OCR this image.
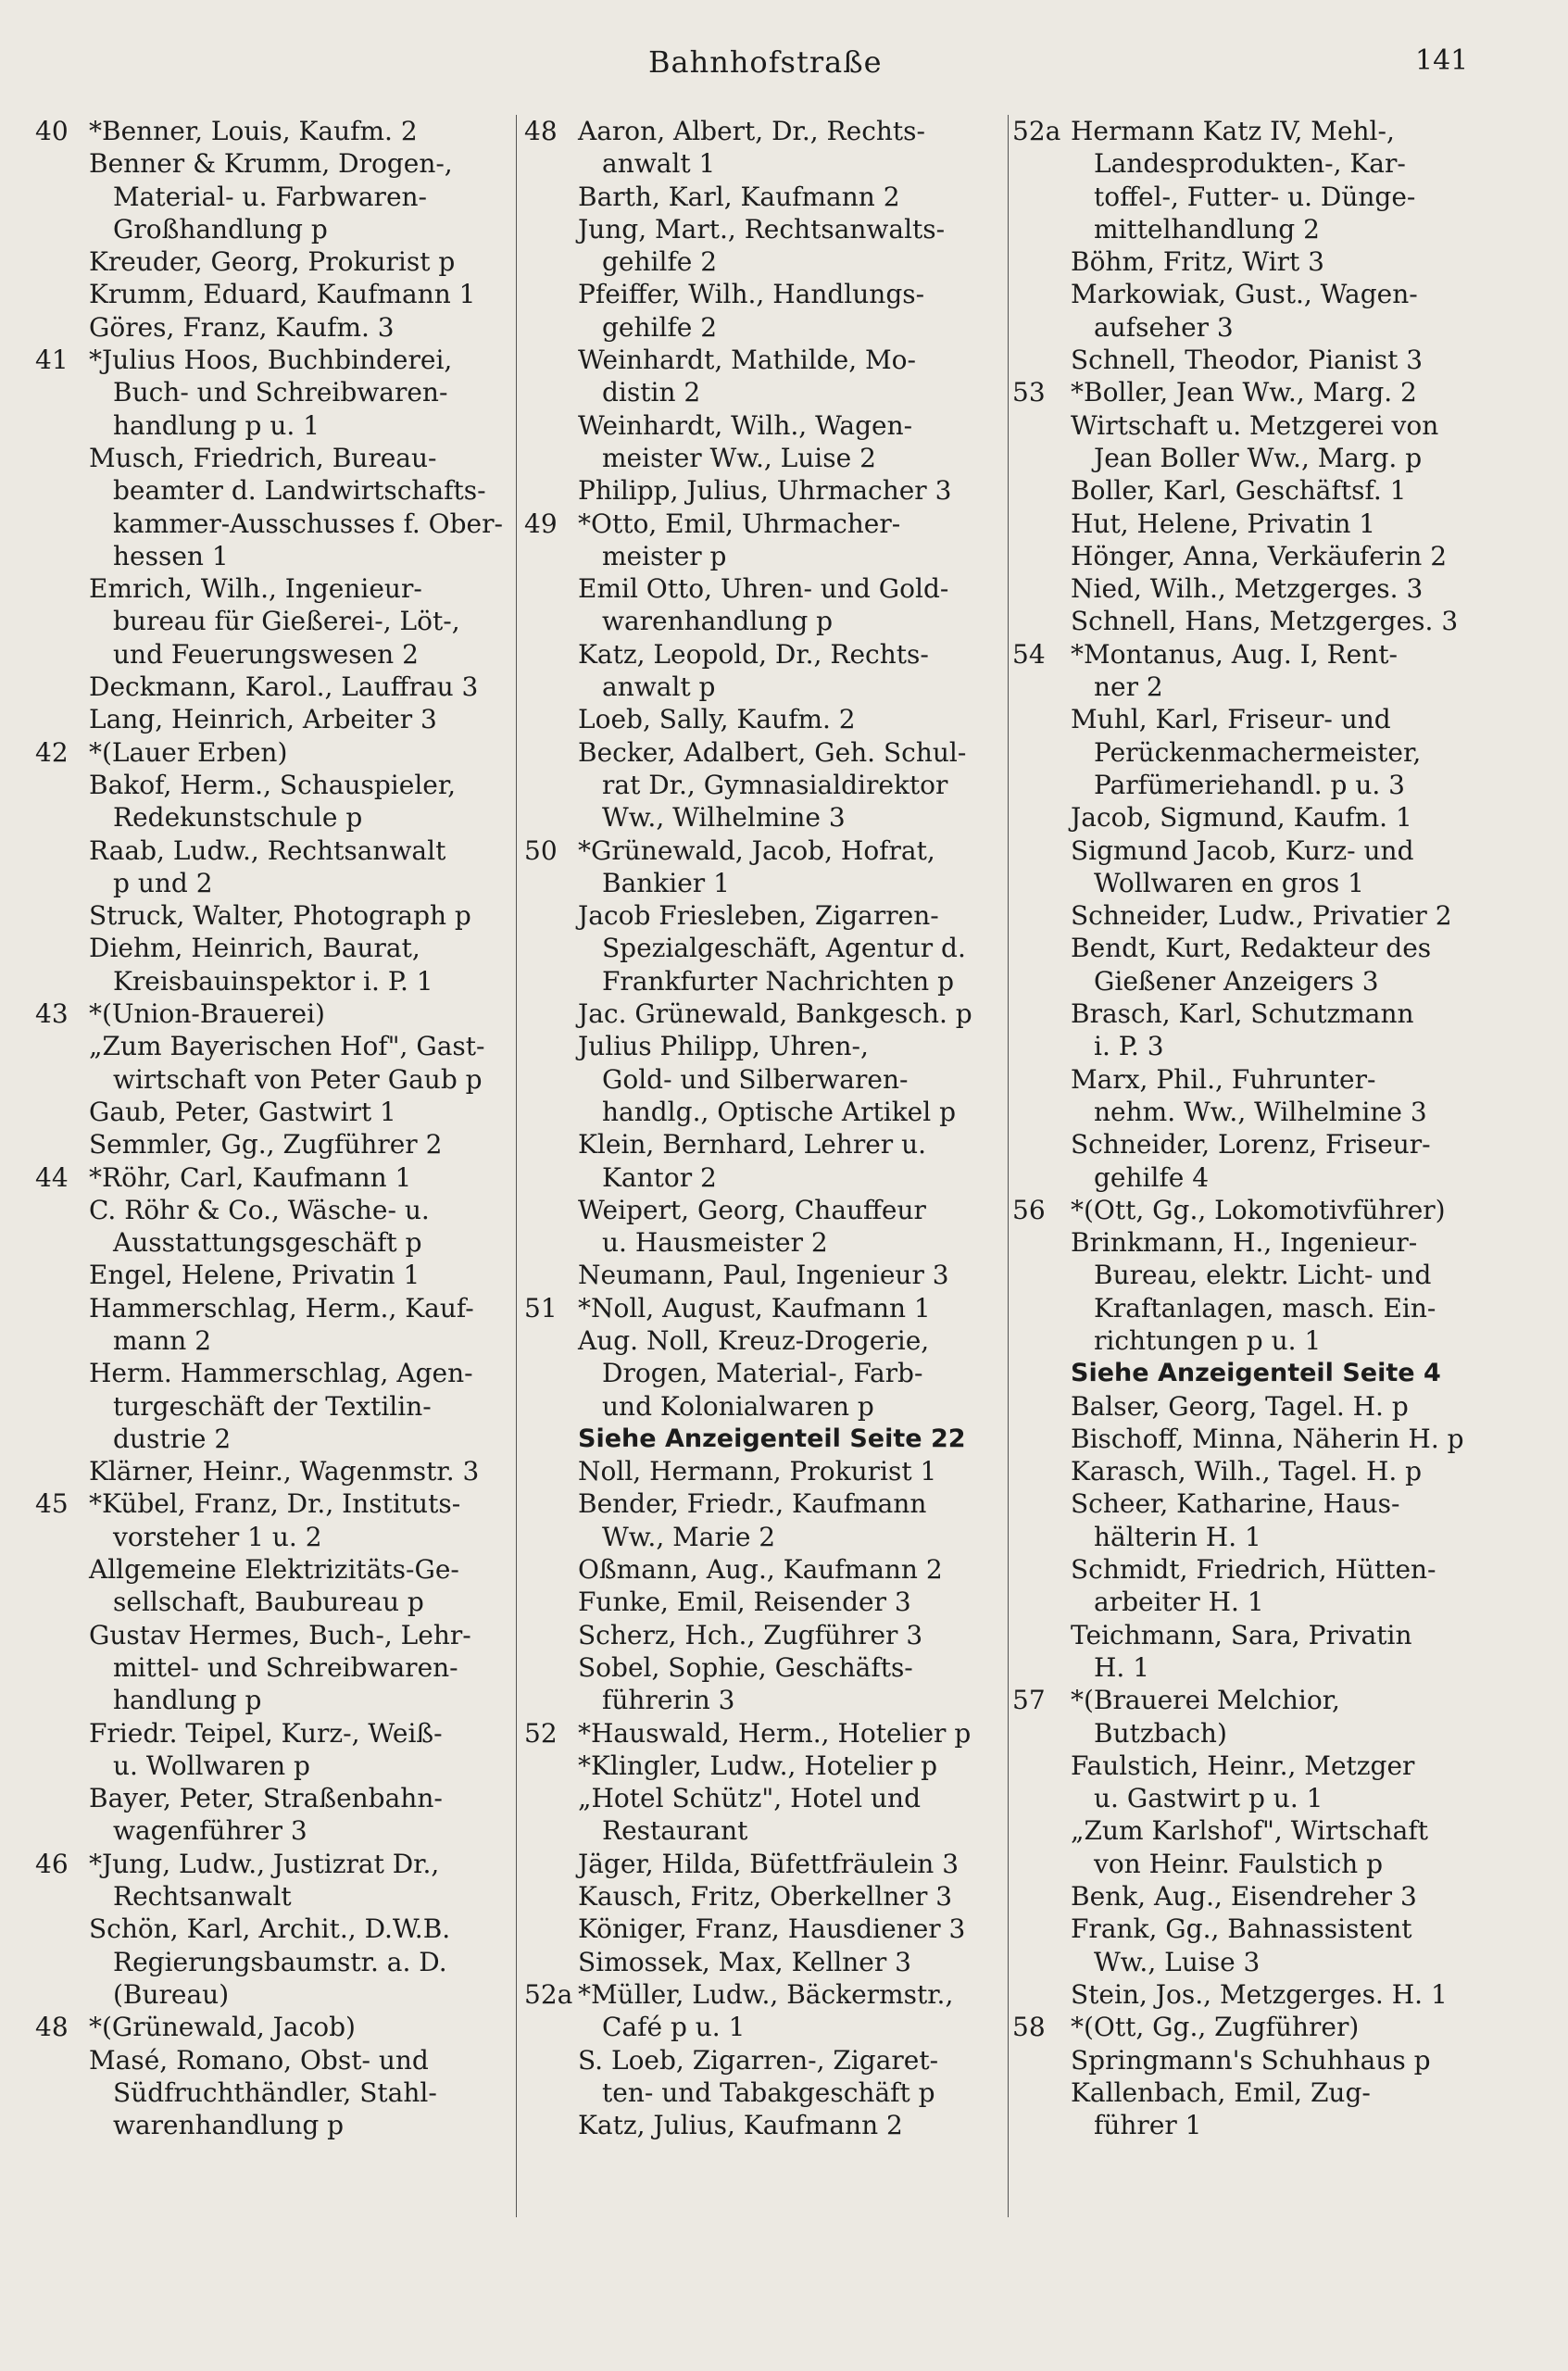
Bahnhofstraße	141
40 *Benner, Louis, Kaufm. 2
Benner & Krumm, Drogen-,
Material- u. Farbwaren-
Großhandlung p
Kreuder, Georg, Prokurist p
Krumm, Eduard, Kaufmann 1
Göres, Franz, Kaufm. 3
41 *Julius Hoos, Buchbinderei,
Buch- und Schreibwaren-
handlung p u. 1
Musch, Friedrich, Bureau-
beamter d. Landwirtschafts-
kammer-Ausschusses f. Ober-
hessen 1
Emrich, Wilh., Ingenieur-
bureau für Gießerei-, Löt-,
und Feuerungswesen 2
Deckmann, Karol., Lauffrau 3
Lang, Heinrich, Arbeiter 3
42 *(Lauer Erben)
Bakof, Herm., Schauspieler,
Redekunstschule p
Raab, Ludw., Rechtsanwalt
p und 2
Struck, Walter, Photograph p
Diehm, Heinrich, Baurat,
Kreisbauinspektor i. P. 1
43 *(Union-Brauerei)
„Zum Bayerischen Hof", Gast-
wirtschaft von Peter Gaub p
Gaub, Peter, Gastwirt 1
Semmler, Gg., Zugführer 2
44 *Röhr, Carl, Kaufmann 1
C. Röhr & Co., Wäsche- u.
Ausstattungsgeschäft p
Engel, Helene, Privatin 1
Hammerschlag, Herm., Kauf-
mann 2
Herm. Hammerschlag, Agen-
turgeschäft der Textilin-
dustrie 2
Klärner, Heinr., Wagenmstr. 3
45 *Kübel, Franz, Dr., Instituts-
vorsteher 1 u. 2
Allgemeine Elektrizitäts-Ge-
sellschaft, Baubureau p
Gustav Hermes, Buch-, Lehr-
mittel- und Schreibwaren-
handlung p
Friedr. Teipel, Kurz-, Weiß-
u. Wollwaren p
Bayer, Peter, Straßenbahn-
wagenführer 3
46 *Jung, Ludw., Justizrat Dr.,
Rechtsanwalt
Schön, Karl, Archit., D.W.B.
Regierungsbaumstr. a. D.
(Bureau)
48 *(Grünewald, Jacob)
Masé, Romano, Obst- und
Südfruchthändler, Stahl-
warenhandlung p
48 Aaron, Albert, Dr., Rechts-
anwalt 1
Barth, Karl, Kaufmann 2
Jung, Mart., Rechtsanwalts-
gehilfe 2
Pfeiffer, Wilh., Handlungs-
gehilfe 2
Weinhardt, Mathilde, Mo-
distin 2
Weinhardt, Wilh., Wagen-
meister Ww., Luise 2
Philipp, Julius, Uhrmacher 3
49 *Otto, Emil, Uhrmacher-
meister p
Emil Otto, Uhren- und Gold-
warenhandlung p
Katz, Leopold, Dr., Rechts-
anwalt p
Loeb, Sally, Kaufm. 2
Becker, Adalbert, Geh. Schul-
rat Dr., Gymnasialdirektor
Ww., Wilhelmine 3
50 *Grünewald, Jacob, Hofrat,
Bankier 1
Jacob Friesleben, Zigarren-
Spezialgeschäft, Agentur d.
Frankfurter Nachrichten p
Jac. Grünewald, Bankgesch. p
Julius Philipp, Uhren-,
Gold- und Silberwaren-
handlg., Optische Artikel p
Klein, Bernhard, Lehrer u.
Kantor 2
Weipert, Georg, Chauffeur
u. Hausmeister 2
Neumann, Paul, Ingenieur 3
51 *Noll, August, Kaufmann 1
Aug. Noll, Kreuz-Drogerie,
Drogen, Material-, Farb-
und Kolonialwaren p
Siehe Anzeigenteil Seite 22
Noll, Hermann, Prokurist 1
Bender, Friedr., Kaufmann
Ww., Marie 2
Oßmann, Aug., Kaufmann 2
Funke, Emil, Reisender 3
Scherz, Hch., Zugführer 3
Sobel, Sophie, Geschäfts-
führerin 3
52 *Hauswald, Herm., Hotelier p
*Klingler, Ludw., Hotelier p
„Hotel Schütz", Hotel und
Restaurant
Jäger, Hilda, Büfettfräulein 3
Kausch, Fritz, Oberkellner 3
Königer, Franz, Hausdiener 3
Simossek, Max, Kellner 3
52a *Müller, Ludw., Bäckermstr.,
Café p u. 1
S. Loeb, Zigarren-, Zigaret-
ten- und Tabakgeschäft p
Katz, Julius, Kaufmann 2
52a Hermann Katz IV, Mehl-,
Landesprodukten-, Kar-
toffel-, Futter- u. Dünge-
mittelhandlung 2
Böhm, Fritz, Wirt 3
Markowiak, Gust., Wagen-
aufseher 3
Schnell, Theodor, Pianist 3
53 *Boller, Jean Ww., Marg. 2
Wirtschaft u. Metzgerei von
Jean Boller Ww., Marg. p
Boller, Karl, Geschäftsf. 1
Hut, Helene, Privatin 1
Hönger, Anna, Verkäuferin 2
Nied, Wilh., Metzgerges. 3
Schnell, Hans, Metzgerges. 3
54 *Montanus, Aug. I, Rent-
ner 2
Muhl, Karl, Friseur- und
Perückenmachermeister,
Parfümeriehandl. p u. 3
Jacob, Sigmund, Kaufm. 1
Sigmund Jacob, Kurz- und
Wollwaren en gros 1
Schneider, Ludw., Privatier 2
Bendt, Kurt, Redakteur des
Gießener Anzeigers 3
Brasch, Karl, Schutzmann
i. P. 3
Marx, Phil., Fuhrunter-
nehm. Ww., Wilhelmine 3
Schneider, Lorenz, Friseur-
gehilfe 4
56 *(Ott, Gg., Lokomotivführer)
Brinkmann, H., Ingenieur-
Bureau, elektr. Licht- und
Kraftanlagen, masch. Ein-
richtungen p u. 1
Siehe Anzeigenteil Seite 4
Balser, Georg, Tagel. H. p
Bischoff, Minna, Näherin H. p
Karasch, Wilh., Tagel. H. p
Scheer, Katharine, Haus-
hälterin H. 1
Schmidt, Friedrich, Hütten-
arbeiter H. 1
Teichmann, Sara, Privatin
H. 1
57 *(Brauerei Melchior,
Butzbach)
Faulstich, Heinr., Metzger
u. Gastwirt p u. 1
„Zum Karlshof", Wirtschaft
von Heinr. Faulstich p
Benk, Aug., Eisendreher 3
Frank, Gg., Bahnassistent
Ww., Luise 3
Stein, Jos., Metzgerges. H. 1
58 *(Ott, Gg., Zugführer)
Springmann's Schuhhaus p
Kallenbach, Emil, Zug-
führer 1
